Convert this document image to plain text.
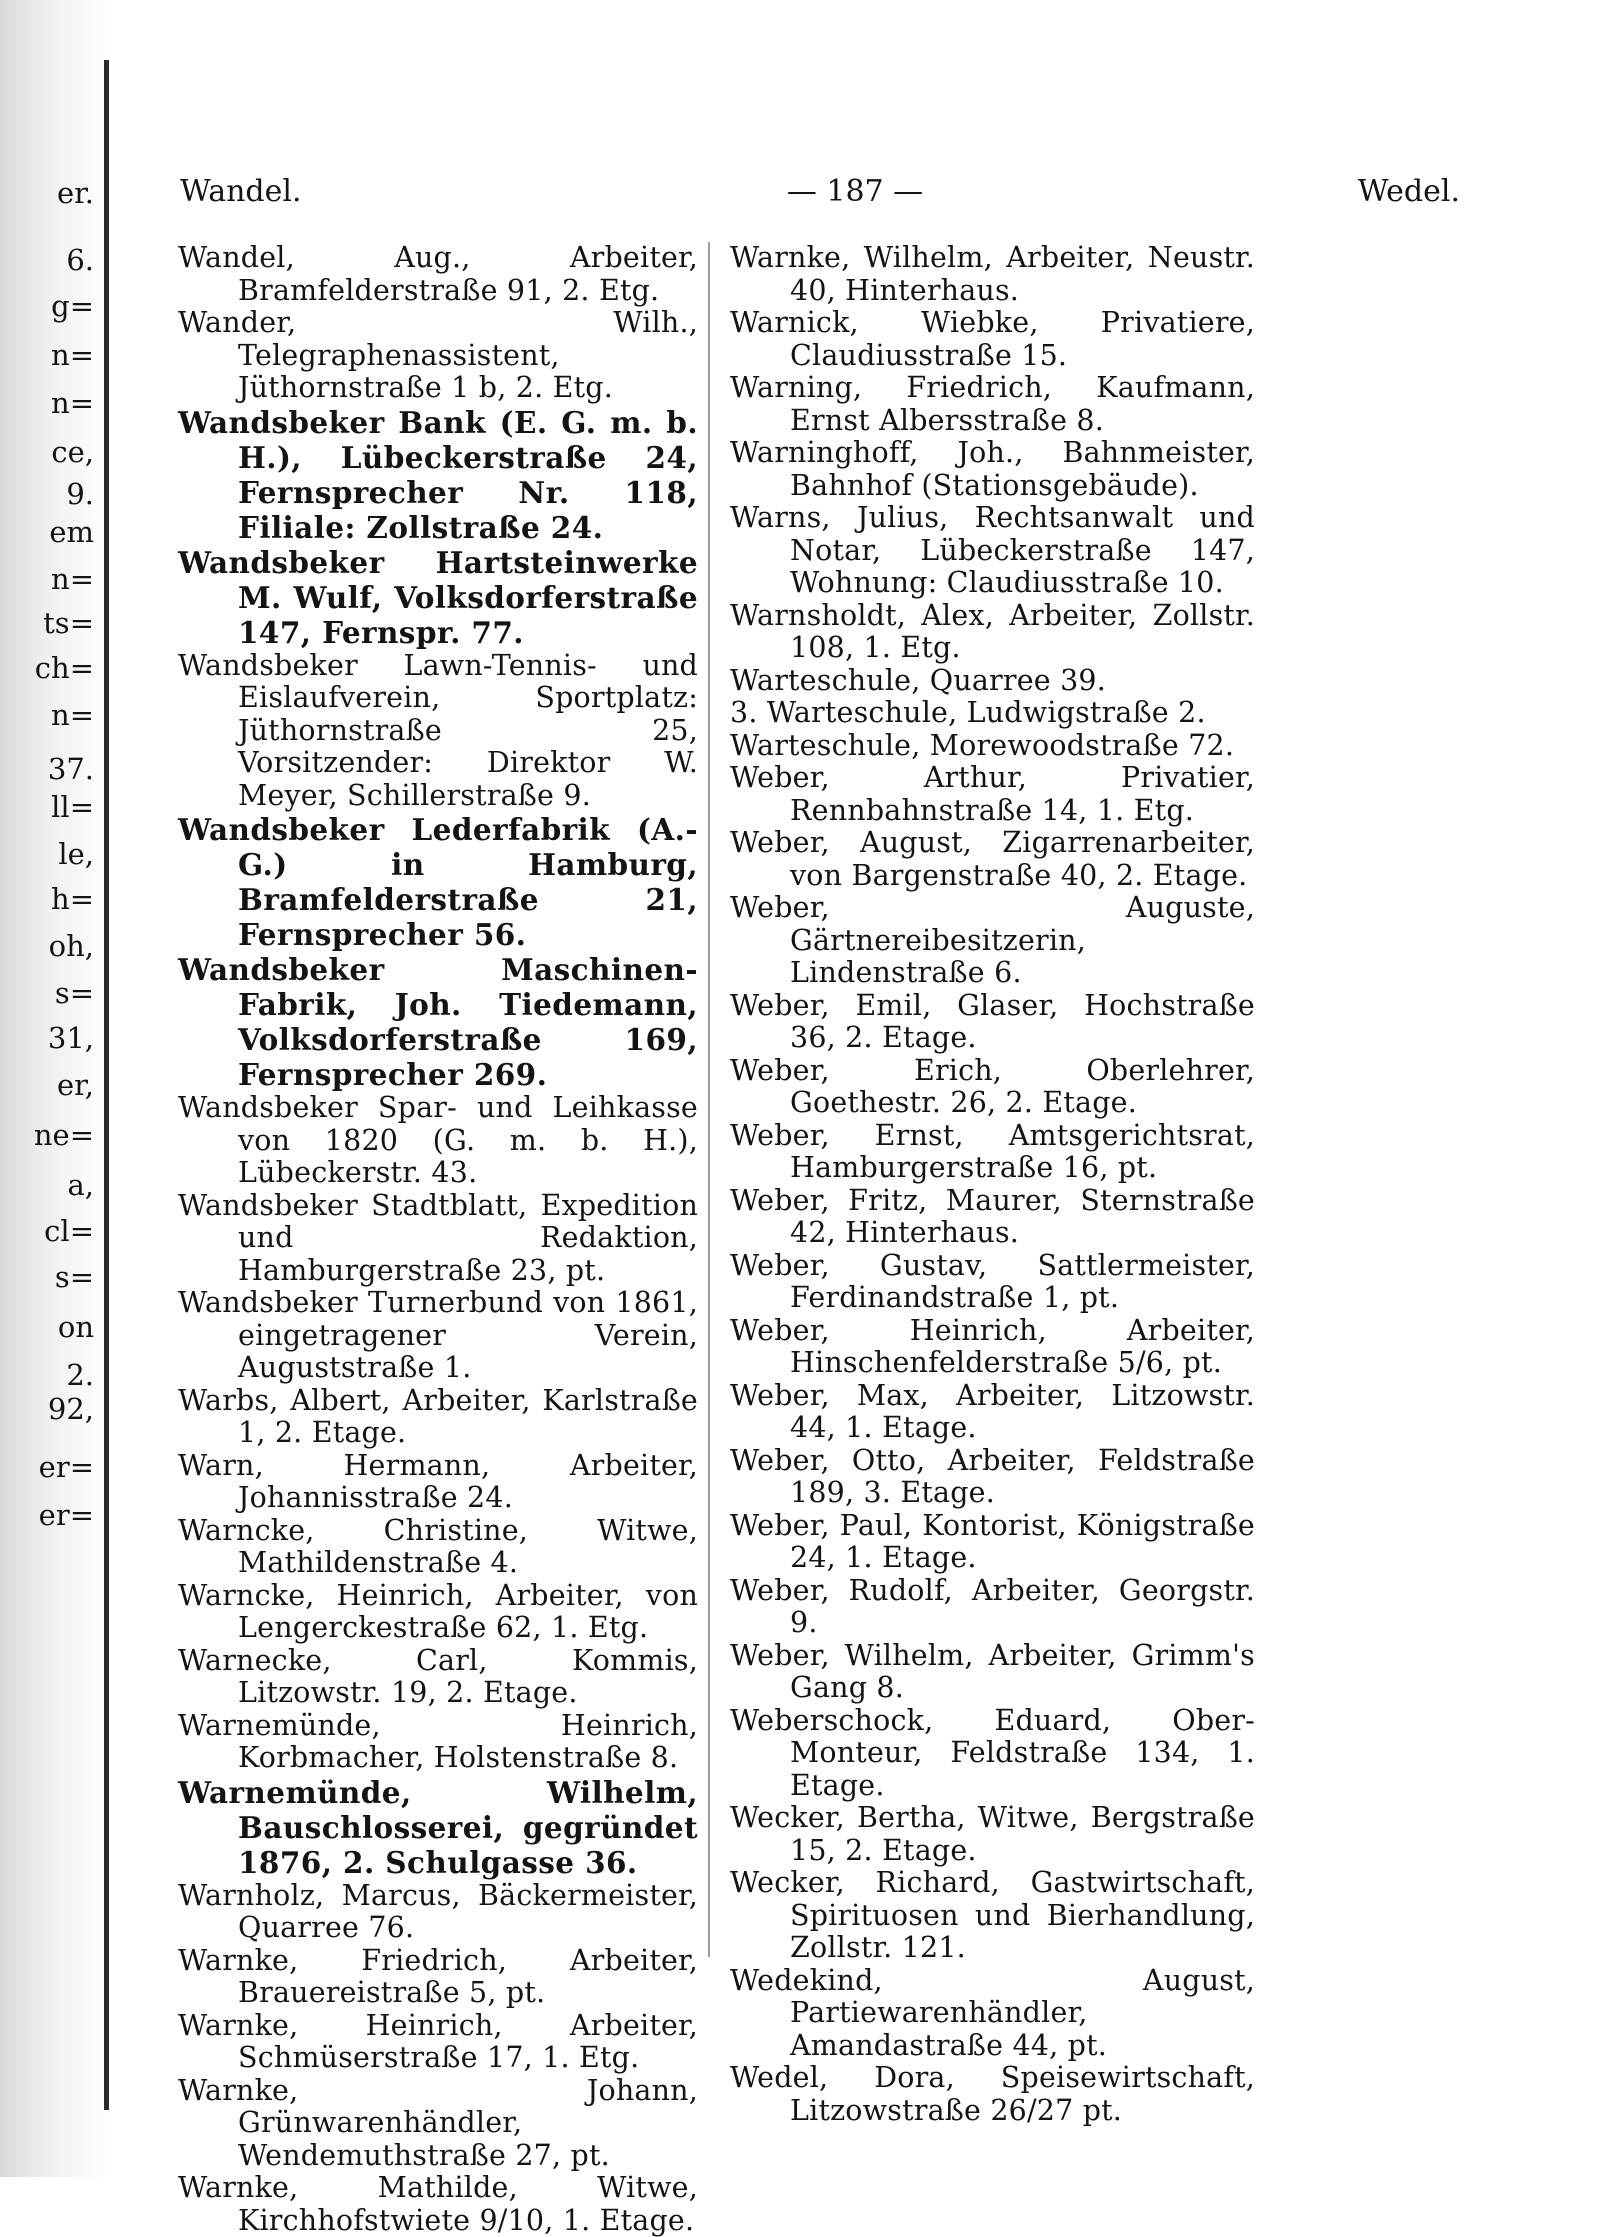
er.
6.
g=
n=
n=
ce,
9.
em
n=
ts=
ch=
n=
37.
ll=
le,
h=
oh,
s=
31,
er,
ne=
a,
cl=
s=
on
2.
92,
er=
er=
Wandel.	— 187 —	Wedel.
Wandel, Aug., Arbeiter, Bramfelderstraße 91, 2. Etg.
Wander, Wilh., Telegraphenassistent, Jüthornstraße 1 b, 2. Etg.
Wandsbeker Bank (E. G. m. b. H.), Lübeckerstraße 24, Fernsprecher Nr. 118, Filiale: Zollstraße 24.
Wandsbeker Hartsteinwerke M. Wulf, Volksdorferstraße 147, Fernspr. 77.
Wandsbeker Lawn-Tennis- und Eislaufverein, Sportplatz: Jüthornstraße 25, Vorsitzender: Direktor W. Meyer, Schillerstraße 9.
Wandsbeker Lederfabrik (A.-G.) in Hamburg, Bramfelderstraße 21, Fernsprecher 56.
Wandsbeker Maschinen-Fabrik, Joh. Tiedemann, Volksdorferstraße 169, Fernsprecher 269.
Wandsbeker Spar- und Leihkasse von 1820 (G. m. b. H.), Lübeckerstr. 43.
Wandsbeker Stadtblatt, Expedition und Redaktion, Hamburgerstraße 23, pt.
Wandsbeker Turnerbund von 1861, eingetragener Verein, Auguststraße 1.
Warbs, Albert, Arbeiter, Karlstraße 1, 2. Etage.
Warn, Hermann, Arbeiter, Johannisstraße 24.
Warncke, Christine, Witwe, Mathildenstraße 4.
Warncke, Heinrich, Arbeiter, von Lengerckestraße 62, 1. Etg.
Warnecke, Carl, Kommis, Litzowstr. 19, 2. Etage.
Warnemünde, Heinrich, Korbmacher, Holstenstraße 8.
Warnemünde, Wilhelm, Bauschlosserei, gegründet 1876, 2. Schulgasse 36.
Warnholz, Marcus, Bäckermeister, Quarree 76.
Warnke, Friedrich, Arbeiter, Brauereistraße 5, pt.
Warnke, Heinrich, Arbeiter, Schmüserstraße 17, 1. Etg.
Warnke, Johann, Grünwarenhändler, Wendemuthstraße 27, pt.
Warnke, Mathilde, Witwe, Kirchhofstwiete 9/10, 1. Etage.
Warnke, Wilhelm, Arbeiter, Neustr. 40, Hinterhaus.
Warnick, Wiebke, Privatiere, Claudiusstraße 15.
Warning, Friedrich, Kaufmann, Ernst Albersstraße 8.
Warninghoff, Joh., Bahnmeister, Bahnhof (Stationsgebäude).
Warns, Julius, Rechtsanwalt und Notar, Lübeckerstraße 147, Wohnung: Claudiusstraße 10.
Warnsholdt, Alex, Arbeiter, Zollstr. 108, 1. Etg.
Warteschule, Quarree 39.
3. Warteschule, Ludwigstraße 2.
Warteschule, Morewoodstraße 72.
Weber, Arthur, Privatier, Rennbahnstraße 14, 1. Etg.
Weber, August, Zigarrenarbeiter, von Bargenstraße 40, 2. Etage.
Weber, Auguste, Gärtnereibesitzerin, Lindenstraße 6.
Weber, Emil, Glaser, Hochstraße 36, 2. Etage.
Weber, Erich, Oberlehrer, Goethestr. 26, 2. Etage.
Weber, Ernst, Amtsgerichtsrat, Hamburgerstraße 16, pt.
Weber, Fritz, Maurer, Sternstraße 42, Hinterhaus.
Weber, Gustav, Sattlermeister, Ferdinandstraße 1, pt.
Weber, Heinrich, Arbeiter, Hinschenfelderstraße 5/6, pt.
Weber, Max, Arbeiter, Litzowstr. 44, 1. Etage.
Weber, Otto, Arbeiter, Feldstraße 189, 3. Etage.
Weber, Paul, Kontorist, Königstraße 24, 1. Etage.
Weber, Rudolf, Arbeiter, Georgstr. 9.
Weber, Wilhelm, Arbeiter, Grimm's Gang 8.
Weberschock, Eduard, Ober-Monteur, Feldstraße 134, 1. Etage.
Wecker, Bertha, Witwe, Bergstraße 15, 2. Etage.
Wecker, Richard, Gastwirtschaft, Spirituosen und Bierhandlung, Zollstr. 121.
Wedekind, August, Partiewarenhändler, Amandastraße 44, pt.
Wedel, Dora, Speisewirtschaft, Litzowstraße 26/27 pt.
